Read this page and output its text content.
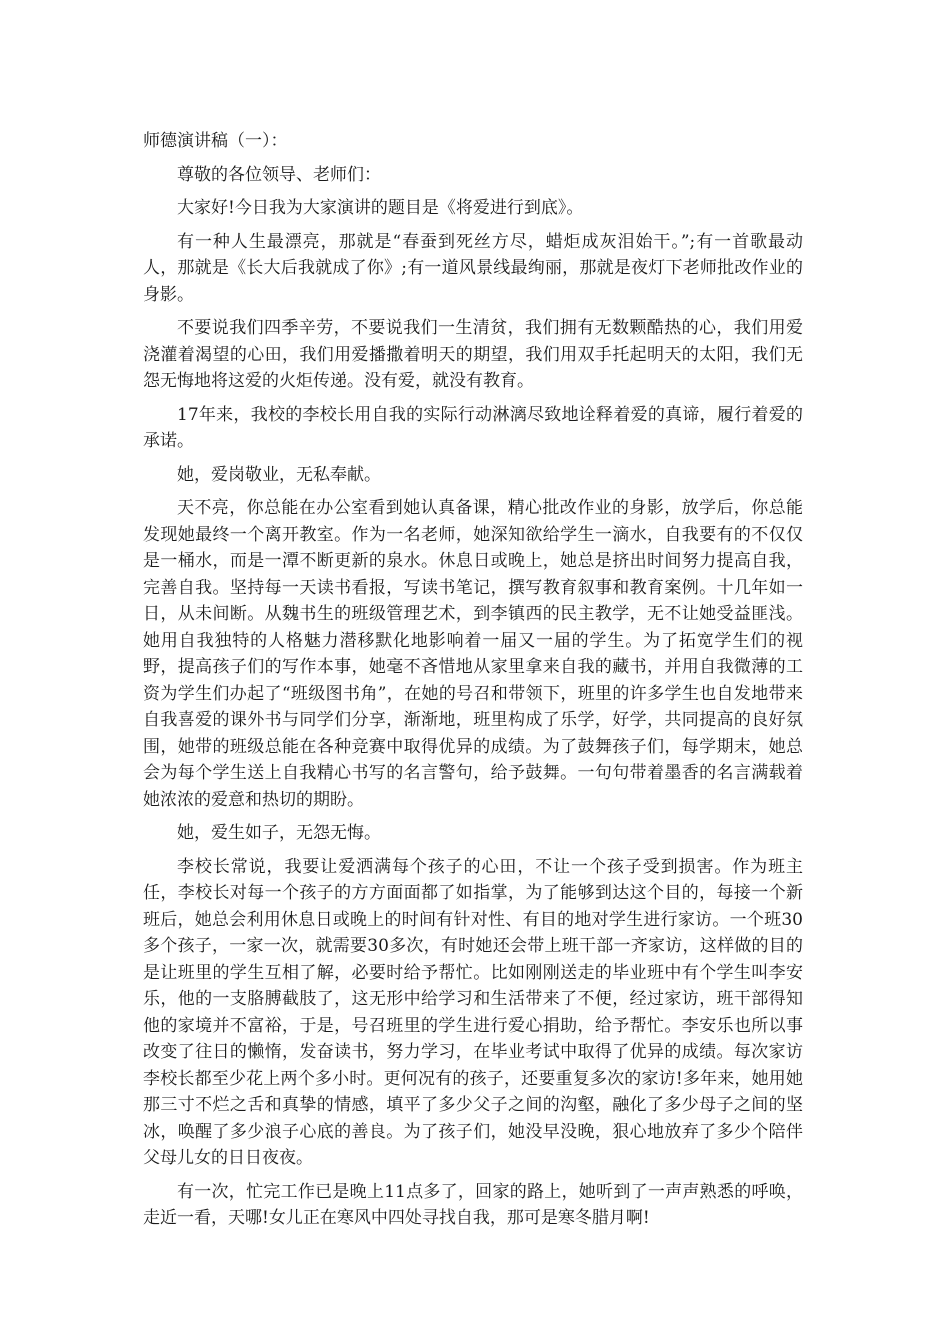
师德演讲稿（一）：

尊敬的各位领导、老师们：

大家好!今日我为大家演讲的题目是《将爱进行到底》。

有一种人生最漂亮，那就是“春蚕到死丝方尽，蜡炬成灰泪始干。”;有一首歌最动人，那就是《长大后我就成了你》;有一道风景线最绚丽，那就是夜灯下老师批改作业的身影。

不要说我们四季辛劳，不要说我们一生清贫，我们拥有无数颗酷热的心，我们用爱浇灌着渴望的心田，我们用爱播撒着明天的期望，我们用双手托起明天的太阳，我们无怨无悔地将这爱的火炬传递。没有爱，就没有教育。

17年来，我校的李校长用自我的实际行动淋漓尽致地诠释着爱的真谛，履行着爱的承诺。

她，爱岗敬业，无私奉献。

天不亮，你总能在办公室看到她认真备课，精心批改作业的身影，放学后，你总能发现她最终一个离开教室。作为一名老师，她深知欲给学生一滴水，自我要有的不仅仅是一桶水，而是一潭不断更新的泉水。休息日或晚上，她总是挤出时间努力提高自我，完善自我。坚持每一天读书看报，写读书笔记，撰写教育叙事和教育案例。十几年如一日，从未间断。从魏书生的班级管理艺术，到李镇西的民主教学，无不让她受益匪浅。她用自我独特的人格魅力潜移默化地影响着一届又一届的学生。为了拓宽学生们的视野，提高孩子们的写作本事，她毫不吝惜地从家里拿来自我的藏书，并用自我微薄的工资为学生们办起了“班级图书角”，在她的号召和带领下，班里的许多学生也自发地带来自我喜爱的课外书与同学们分享，渐渐地，班里构成了乐学，好学，共同提高的良好氛围，她带的班级总能在各种竞赛中取得优异的成绩。为了鼓舞孩子们，每学期末，她总会为每个学生送上自我精心书写的名言警句，给予鼓舞。一句句带着墨香的名言满载着她浓浓的爱意和热切的期盼。

她，爱生如子，无怨无悔。

李校长常说，我要让爱洒满每个孩子的心田，不让一个孩子受到损害。作为班主任，李校长对每一个孩子的方方面面都了如指掌，为了能够到达这个目的，每接一个新班后，她总会利用休息日或晚上的时间有针对性、有目的地对学生进行家访。一个班30多个孩子，一家一次，就需要30多次，有时她还会带上班干部一齐家访，这样做的目的是让班里的学生互相了解，必要时给予帮忙。比如刚刚送走的毕业班中有个学生叫李安乐，他的一支胳膊截肢了，这无形中给学习和生活带来了不便，经过家访，班干部得知他的家境并不富裕，于是，号召班里的学生进行爱心捐助，给予帮忙。李安乐也所以事改变了往日的懒惰，发奋读书，努力学习，在毕业考试中取得了优异的成绩。每次家访李校长都至少花上两个多小时。更何况有的孩子，还要重复多次的家访!多年来，她用她那三寸不烂之舌和真挚的情感，填平了多少父子之间的沟壑，融化了多少母子之间的坚冰，唤醒了多少浪子心底的善良。为了孩子们，她没早没晚，狠心地放弃了多少个陪伴父母儿女的日日夜夜。

有一次，忙完工作已是晚上11点多了，回家的路上，她听到了一声声熟悉的呼唤，走近一看，天哪!女儿正在寒风中四处寻找自我，那可是寒冬腊月啊!
